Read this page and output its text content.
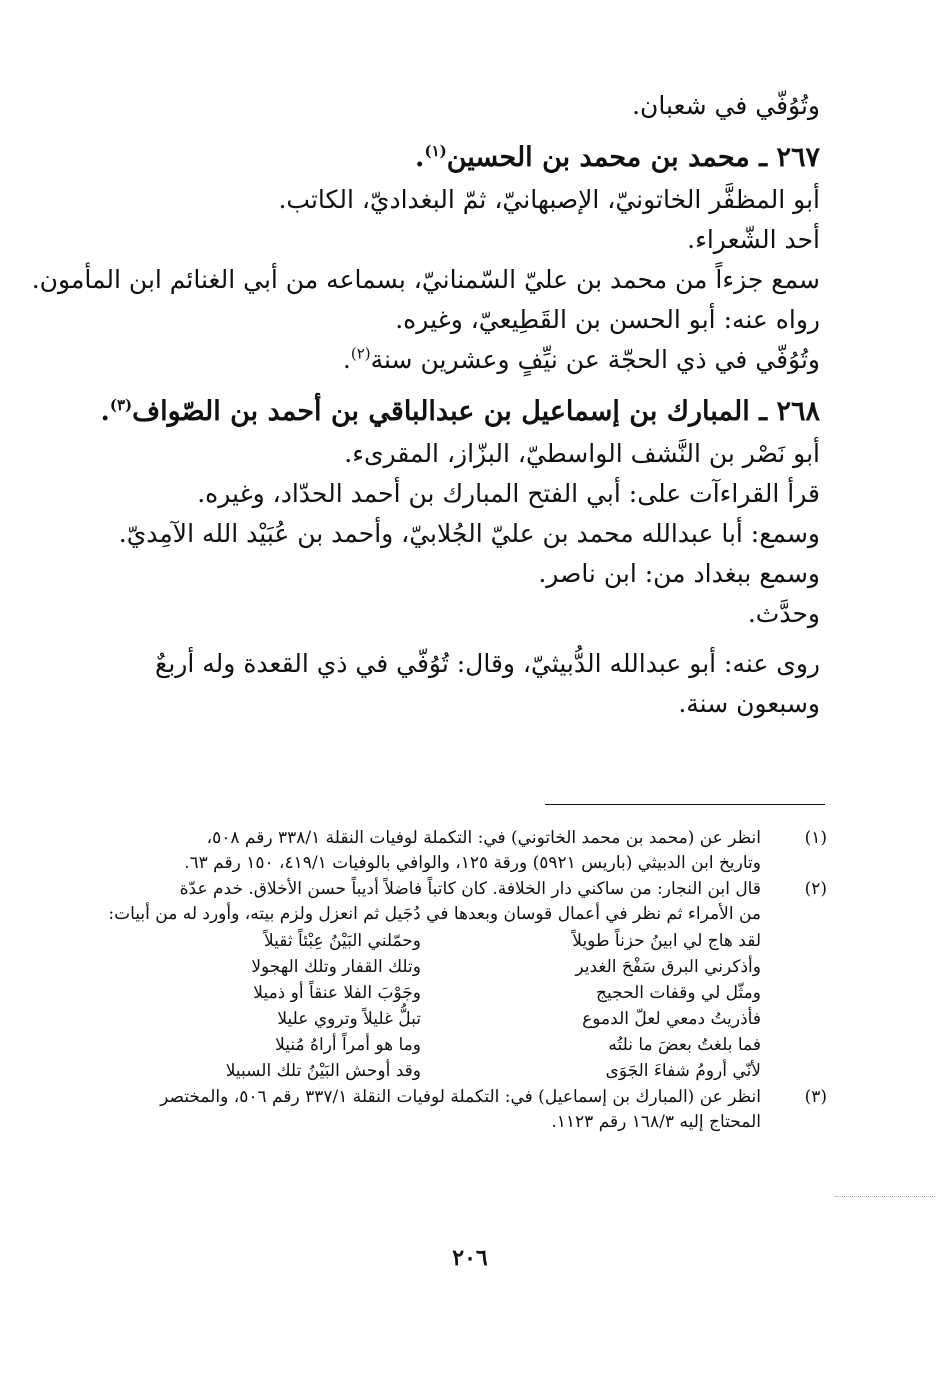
وتُوُفّي في شعبان.
٢٦٧ ـ محمد بن محمد بن الحسين$^{(١)}$.
أبو المظفَّر الخاتونيّ، الإصبهانيّ، ثمّ البغداديّ، الكاتب.
أحد الشّعراء.
سمع جزءاً من محمد بن عليّ السّمنانيّ، بسماعه من أبي الغنائم ابن المأمون.
رواه عنه: أبو الحسن بن القَطِيعيّ، وغيره.
وتُوُفّي في ذي الحجّة عن نيِّفٍ وعشرين سنة$^{(٢)}$.
٢٦٨ ـ المبارك بن إسماعيل بن عبدالباقي بن أحمد بن الصّواف$^{(٣)}$.
أبو نَصْر بن النَّشف الواسطيّ، البزّاز، المقرىء.
قرأ القراءآت على: أبي الفتح المبارك بن أحمد الحدّاد، وغيره.
وسمع: أبا عبدالله محمد بن عليّ الجُلابيّ، وأحمد بن عُبَيْد الله الآمِديّ.
وسمع ببغداد من: ابن ناصر.
وحدَّث.
روى عنه: أبو عبدالله الدُّبيثيّ، وقال: تُوُفّي في ذي القعدة وله أربعٌ
وسبعون سنة.
(١)
انظر عن (محمد بن محمد الخاتوني) في: التكملة لوفيات النقلة ٣٣٨/١ رقم ٥٠٨،
وتاريخ ابن الدبيثي (باريس ٥٩٢١) ورقة ١٢٥، والوافي بالوفيات ٤١٩/١، ١٥٠ رقم ٦٣.
(٢)
قال ابن النجار: من ساكني دار الخلافة. كان كاتباً فاضلاً أديباً حسن الأخلاق. خدم عدّة
من الأمراء ثم نظر في أعمال قوسان وبعدها في دُجَيل ثم انعزل ولزم بيته، وأورد له من أبيات:
لقد هاج لي ابينُ حزناً طويلاً
وحمّلني البَيْنُ عِبْئاً ثقيلاً
وأذكرني البرق سَفْحَ الغدير
وتلك القفار وتلك الهجولا
ومثّل لي وقفات الحجيج
وجَوْبَ الفلا عنقاً أو ذميلا
فأذريتُ دمعي لعلّ الدموع
تبلُّ غليلاً وتروي عليلا
فما بلغتُ بعضَ ما نلتُه
وما هو أمراً أراهُ مُنيلا
لأنّي أرومُ شفاءَ الجَوَى
وقد أوحش البَيْنُ تلك السبيلا
(٣)
انظر عن (المبارك بن إسماعيل) في: التكملة لوفيات النقلة ٣٣٧/١ رقم ٥٠٦، والمختصر
المحتاج إليه ١٦٨/٣ رقم ١١٢٣.
٢٠٦
